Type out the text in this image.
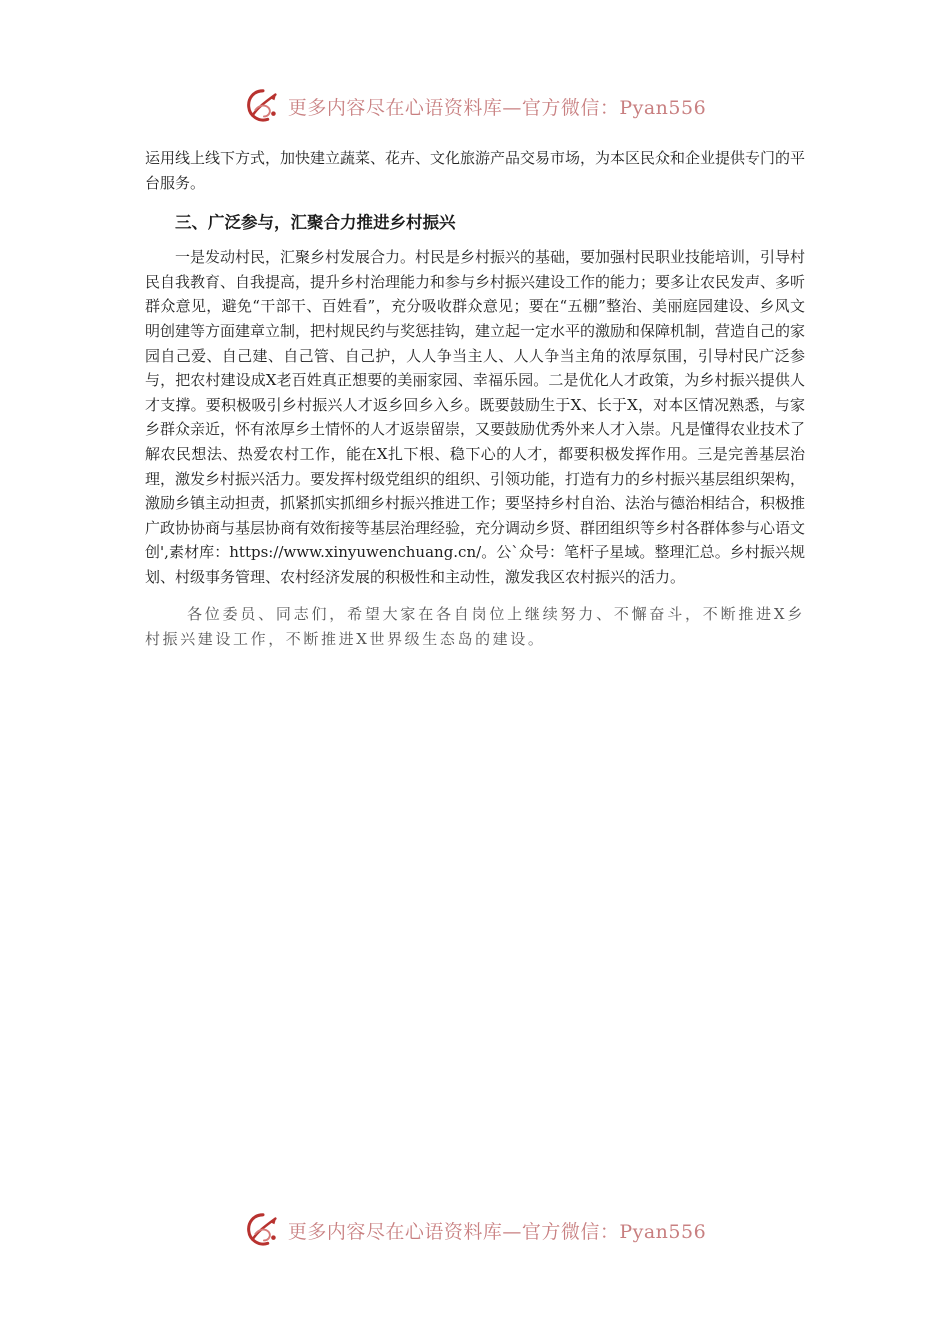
更多内容尽在心语资料库—官方微信：Pyan556

运用线上线下方式，加快建立蔬菜、花卉、文化旅游产品交易市场，为本区民众和企业提供专门的平台服务。

三、广泛参与，汇聚合力推进乡村振兴

一是发动村民，汇聚乡村发展合力。村民是乡村振兴的基础，要加强村民职业技能培训，引导村民自我教育、自我提高，提升乡村治理能力和参与乡村振兴建设工作的能力；要多让农民发声、多听群众意见，避免“干部干、百姓看”，充分吸收群众意见；要在“五棚”整治、美丽庭园建设、乡风文明创建等方面建章立制，把村规民约与奖惩挂钩，建立起一定水平的激励和保障机制，营造自己的家园自己爱、自己建、自己管、自己护，人人争当主人、人人争当主角的浓厚氛围，引导村民广泛参与，把农村建设成X老百姓真正想要的美丽家园、幸福乐园。二是优化人才政策，为乡村振兴提供人才支撑。要积极吸引乡村振兴人才返乡回乡入乡。既要鼓励生于X、长于X，对本区情况熟悉，与家乡群众亲近，怀有浓厚乡土情怀的人才返崇留崇，又要鼓励优秀外来人才入崇。凡是懂得农业技术了解农民想法、热爱农村工作，能在X扎下根、稳下心的人才，都要积极发挥作用。三是完善基层治理，激发乡村振兴活力。要发挥村级党组织的组织、引领功能，打造有力的乡村振兴基层组织架构，激励乡镇主动担责，抓紧抓实抓细乡村振兴推进工作；要坚持乡村自治、法治与德治相结合，积极推广政协协商与基层协商有效衔接等基层治理经验，充分调动乡贤、群团组织等乡村各群体参与心语文创',素材库：https://www.xinyuwenchuang.cn/。公`众号：笔杆子星域。整理汇总。乡村振兴规划、村级事务管理、农村经济发展的积极性和主动性，激发我区农村振兴的活力。

各位委员、同志们，希望大家在各自岗位上继续努力、不懈奋斗，不断推进X乡村振兴建设工作，不断推进X世界级生态岛的建设。

更多内容尽在心语资料库—官方微信：Pyan556
